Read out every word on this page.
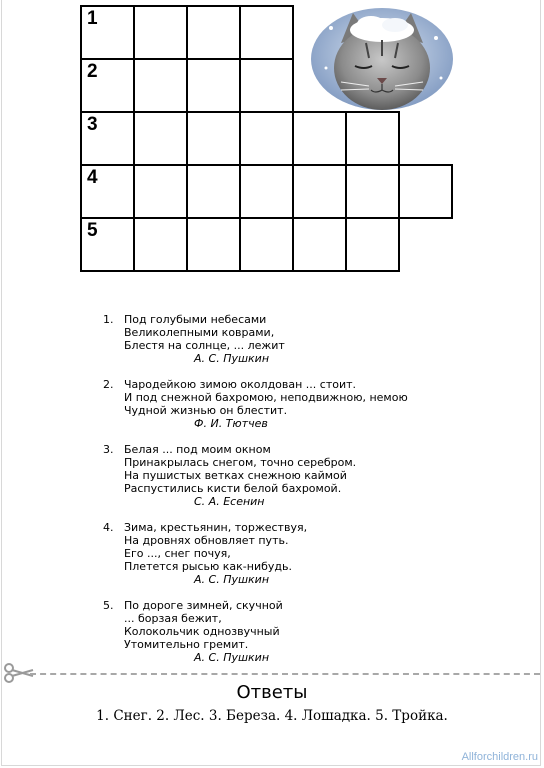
1
2
3
4
5
1. Под голубыми небесами
Великолепными коврами,
Блестя на солнце, ... лежит
А. С. Пушкин
2. Чародейкою зимою околдован ... стоит.
И под снежной бахромою, неподвижною, немою
Чудной жизнью он блестит.
Ф. И. Тютчев
3. Белая ... под моим окном
Принакрылась снегом, точно серебром.
На пушистых ветках снежною каймой
Распустились кисти белой бахромой.
С. А. Есенин
4. Зима, крестьянин, торжествуя,
На дровнях обновляет путь.
Его ..., снег почуя,
Плетется рысью как-нибудь.
А. С. Пушкин
5. По дороге зимней, скучной
... борзая бежит,
Колокольчик однозвучный
Утомительно гремит.
А. С. Пушкин
Ответы
1. Снег. 2. Лес. 3. Береза. 4. Лошадка. 5. Тройка.
Allforchildren.ru
